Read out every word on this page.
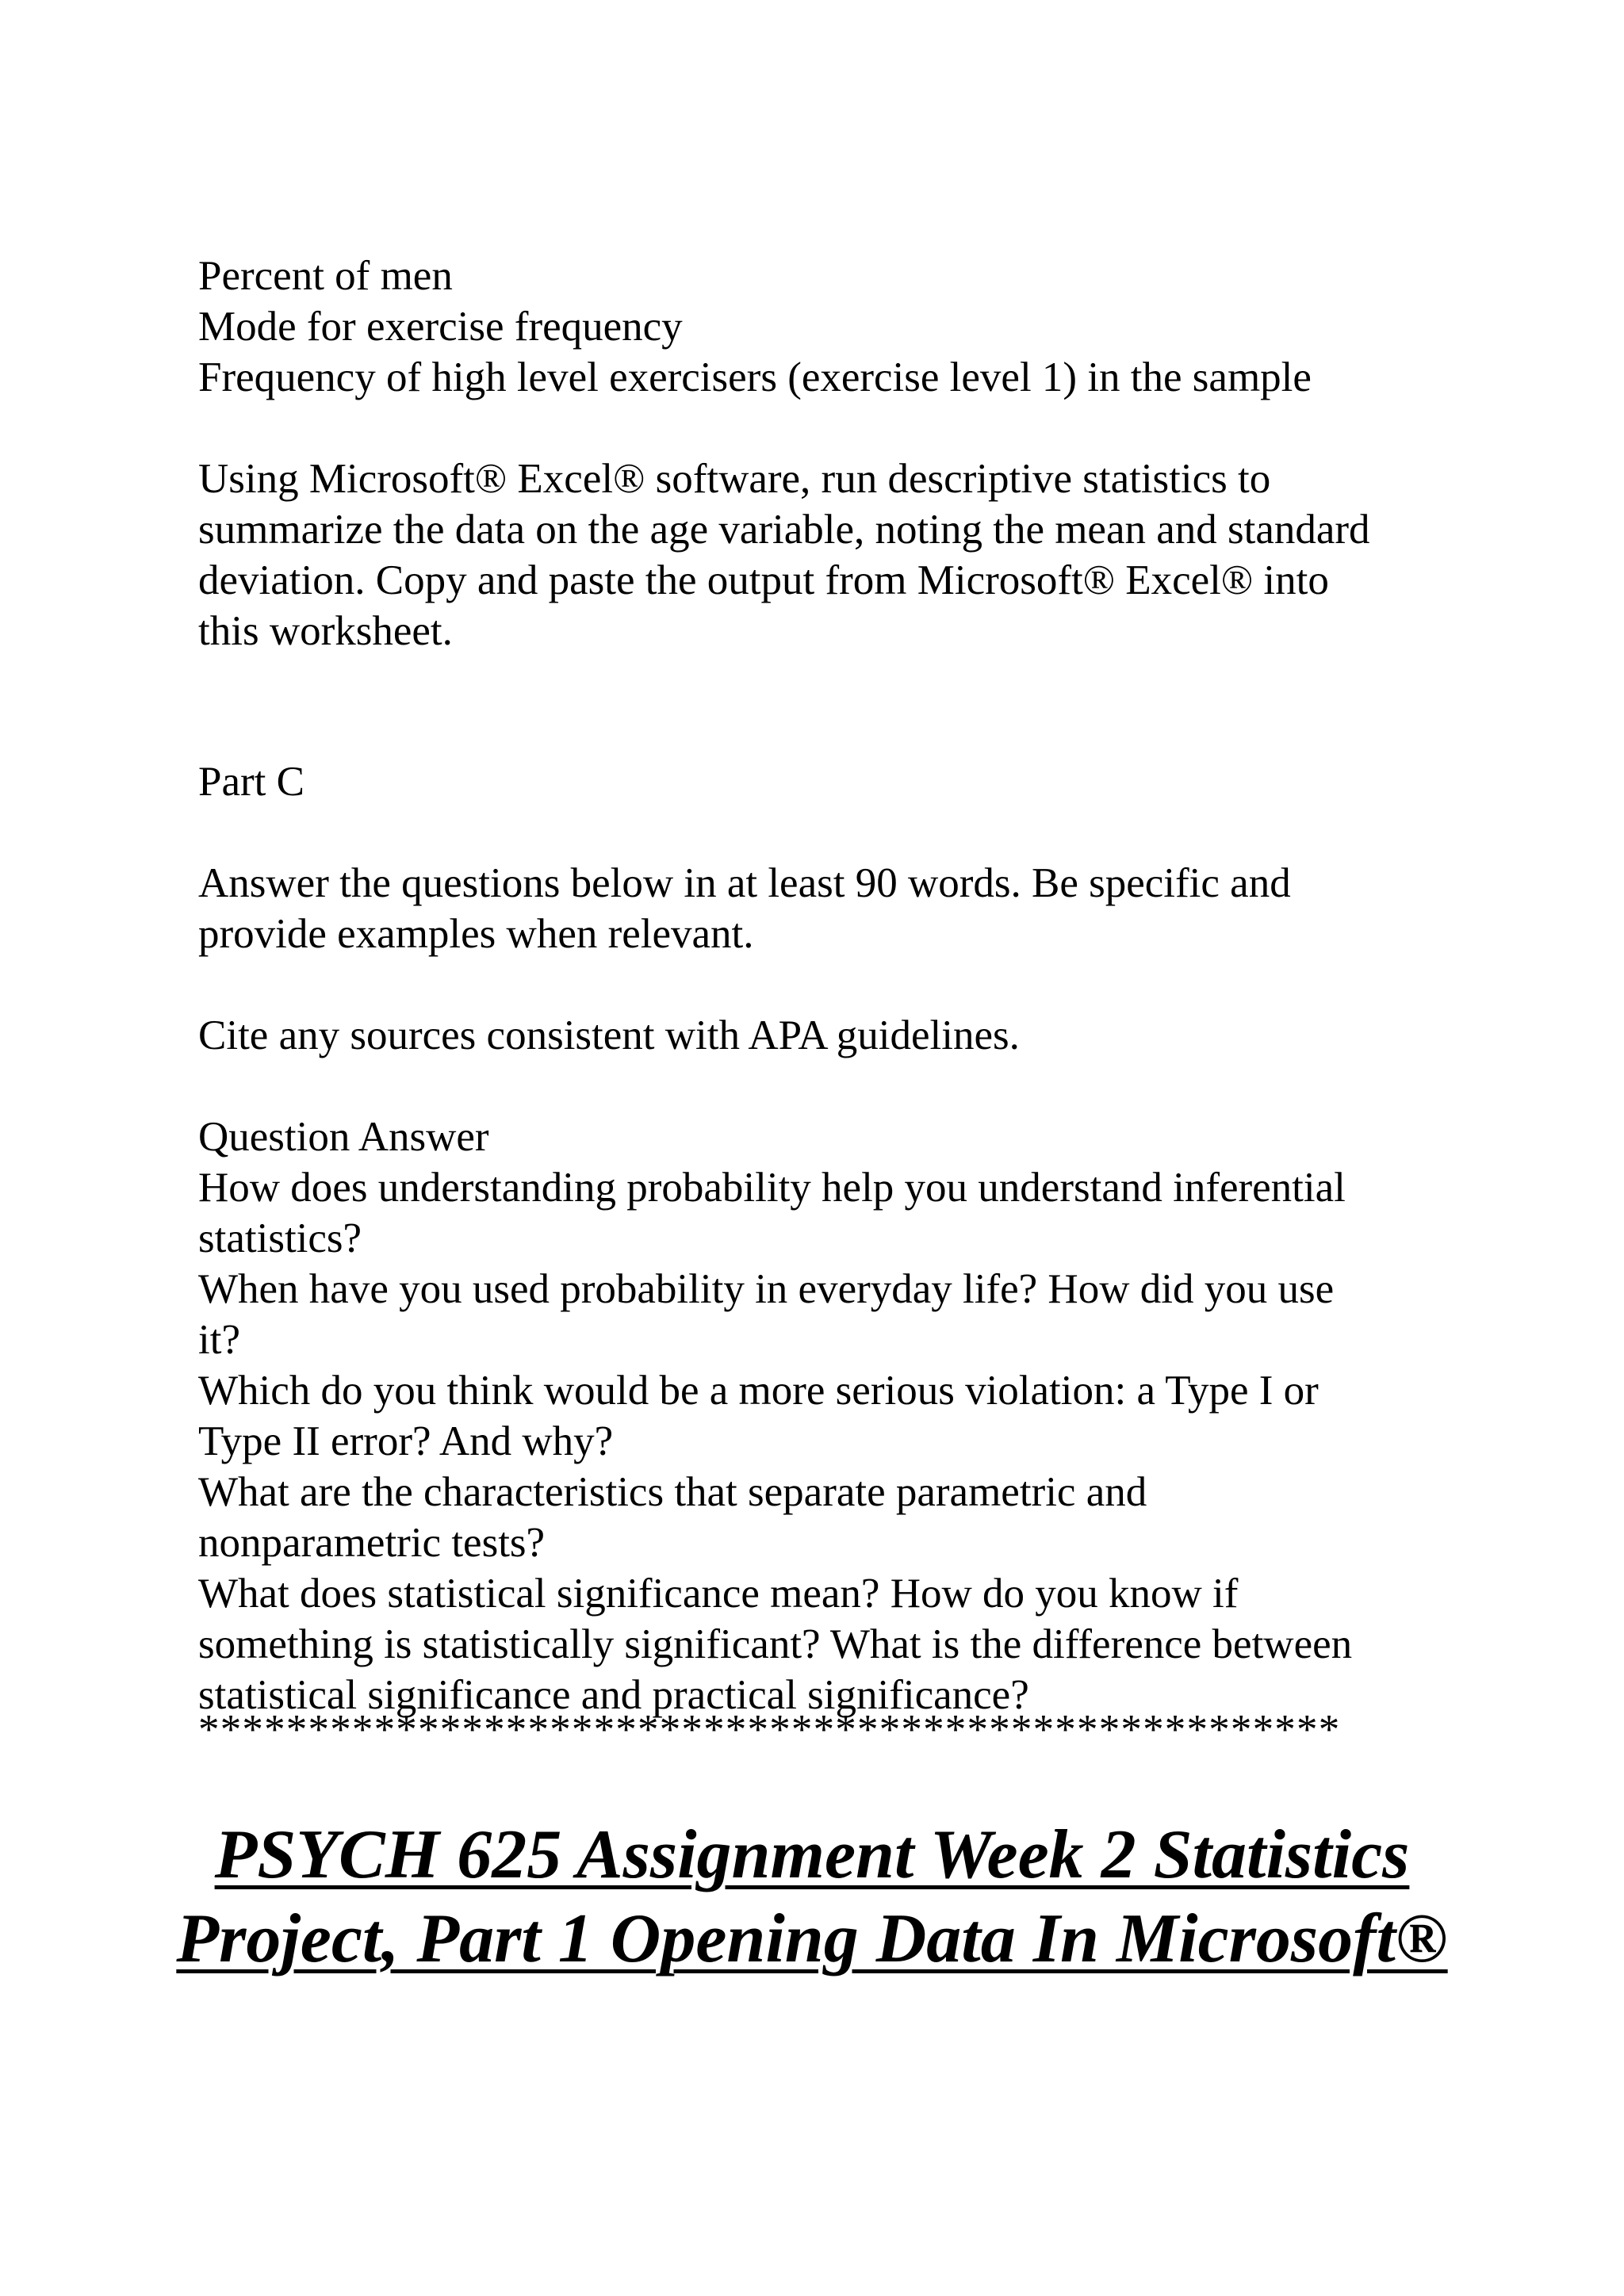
Percent of men
Mode for exercise frequency
Frequency of high level exercisers (exercise level 1) in the sample
Using Microsoft® Excel® software, run descriptive statistics to
summarize the data on the age variable, noting the mean and standard
deviation. Copy and paste the output from Microsoft® Excel® into
this worksheet.
Part C
Answer the questions below in at least 90 words. Be specific and
provide examples when relevant.
Cite any sources consistent with APA guidelines.
Question Answer
How does understanding probability help you understand inferential
statistics?
When have you used probability in everyday life? How did you use
it?
Which do you think would be a more serious violation: a Type I or
Type II error? And why?
What are the characteristics that separate parametric and
nonparametric tests?
What does statistical significance mean? How do you know if
something is statistically significant? What is the difference between
statistical significance and practical significance?
****************************************************
PSYCH 625 Assignment Week 2 Statistics
Project, Part 1 Opening Data In Microsoft®
